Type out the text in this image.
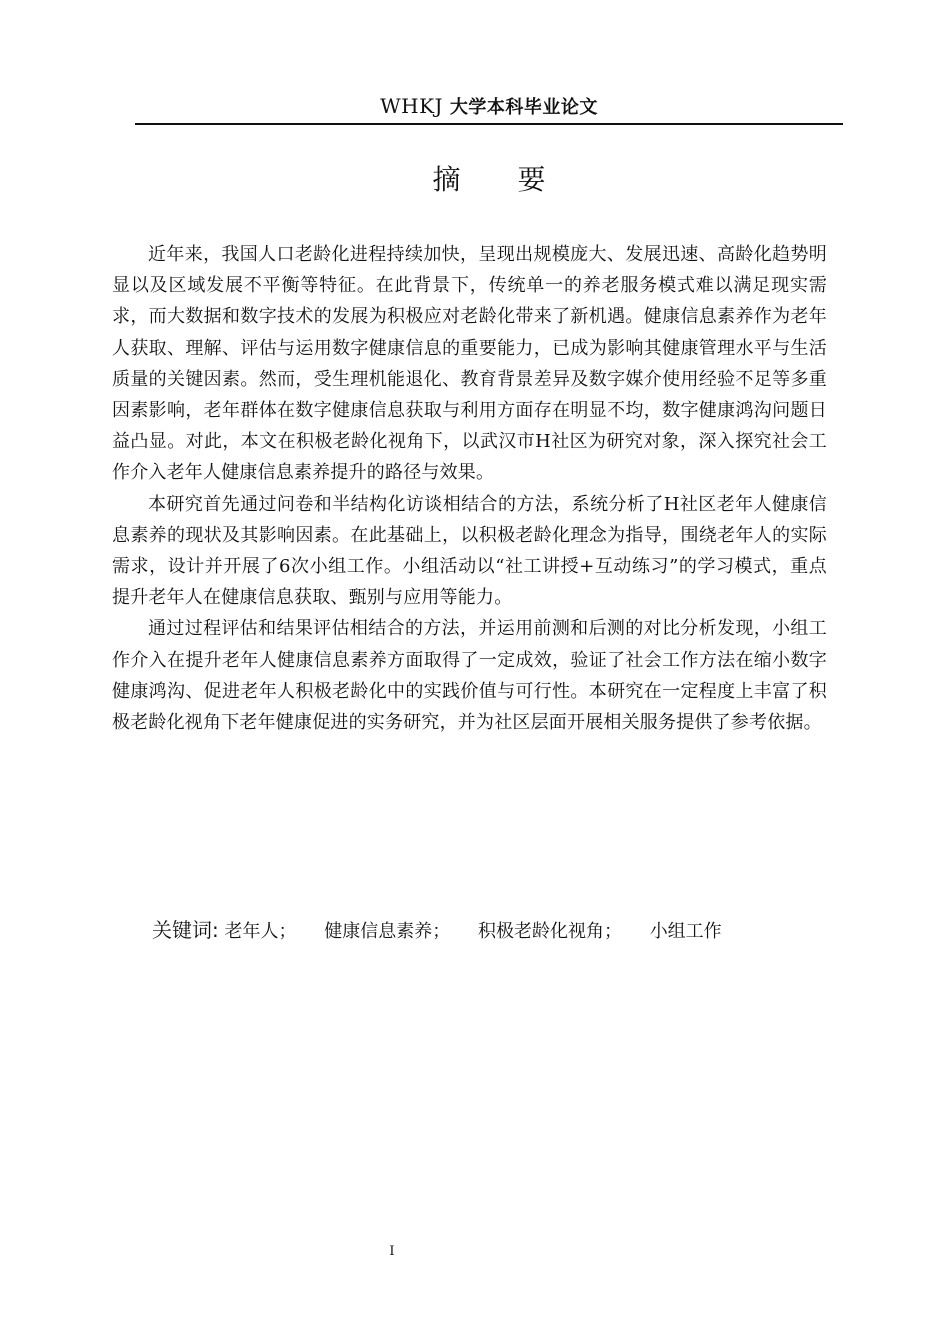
WHKJ 大学本科毕业论文
摘 要

近年来，我国人口老龄化进程持续加快，呈现出规模庞大、发展迅速、高龄化趋势明显以及区域发展不平衡等特征。在此背景下，传统单一的养老服务模式难以满足现实需求，而大数据和数字技术的发展为积极应对老龄化带来了新机遇。健康信息素养作为老年人获取、理解、评估与运用数字健康信息的重要能力，已成为影响其健康管理水平与生活质量的关键因素。然而，受生理机能退化、教育背景差异及数字媒介使用经验不足等多重因素影响，老年群体在数字健康信息获取与利用方面存在明显不均，数字健康鸿沟问题日益凸显。对此，本文在积极老龄化视角下，以武汉市H社区为研究对象，深入探究社会工作介入老年人健康信息素养提升的路径与效果。

本研究首先通过问卷和半结构化访谈相结合的方法，系统分析了H社区老年人健康信息素养的现状及其影响因素。在此基础上，以积极老龄化理念为指导，围绕老年人的实际需求，设计并开展了6次小组工作。小组活动以“社工讲授+互动练习”的学习模式，重点提升老年人在健康信息获取、甄别与应用等能力。

通过过程评估和结果评估相结合的方法，并运用前测和后测的对比分析发现，小组工作介入在提升老年人健康信息素养方面取得了一定成效，验证了社会工作方法在缩小数字健康鸿沟、促进老年人积极老龄化中的实践价值与可行性。本研究在一定程度上丰富了积极老龄化视角下老年健康促进的实务研究，并为社区层面开展相关服务提供了参考依据。

关键词: 老年人； 健康信息素养； 积极老龄化视角； 小组工作
I
